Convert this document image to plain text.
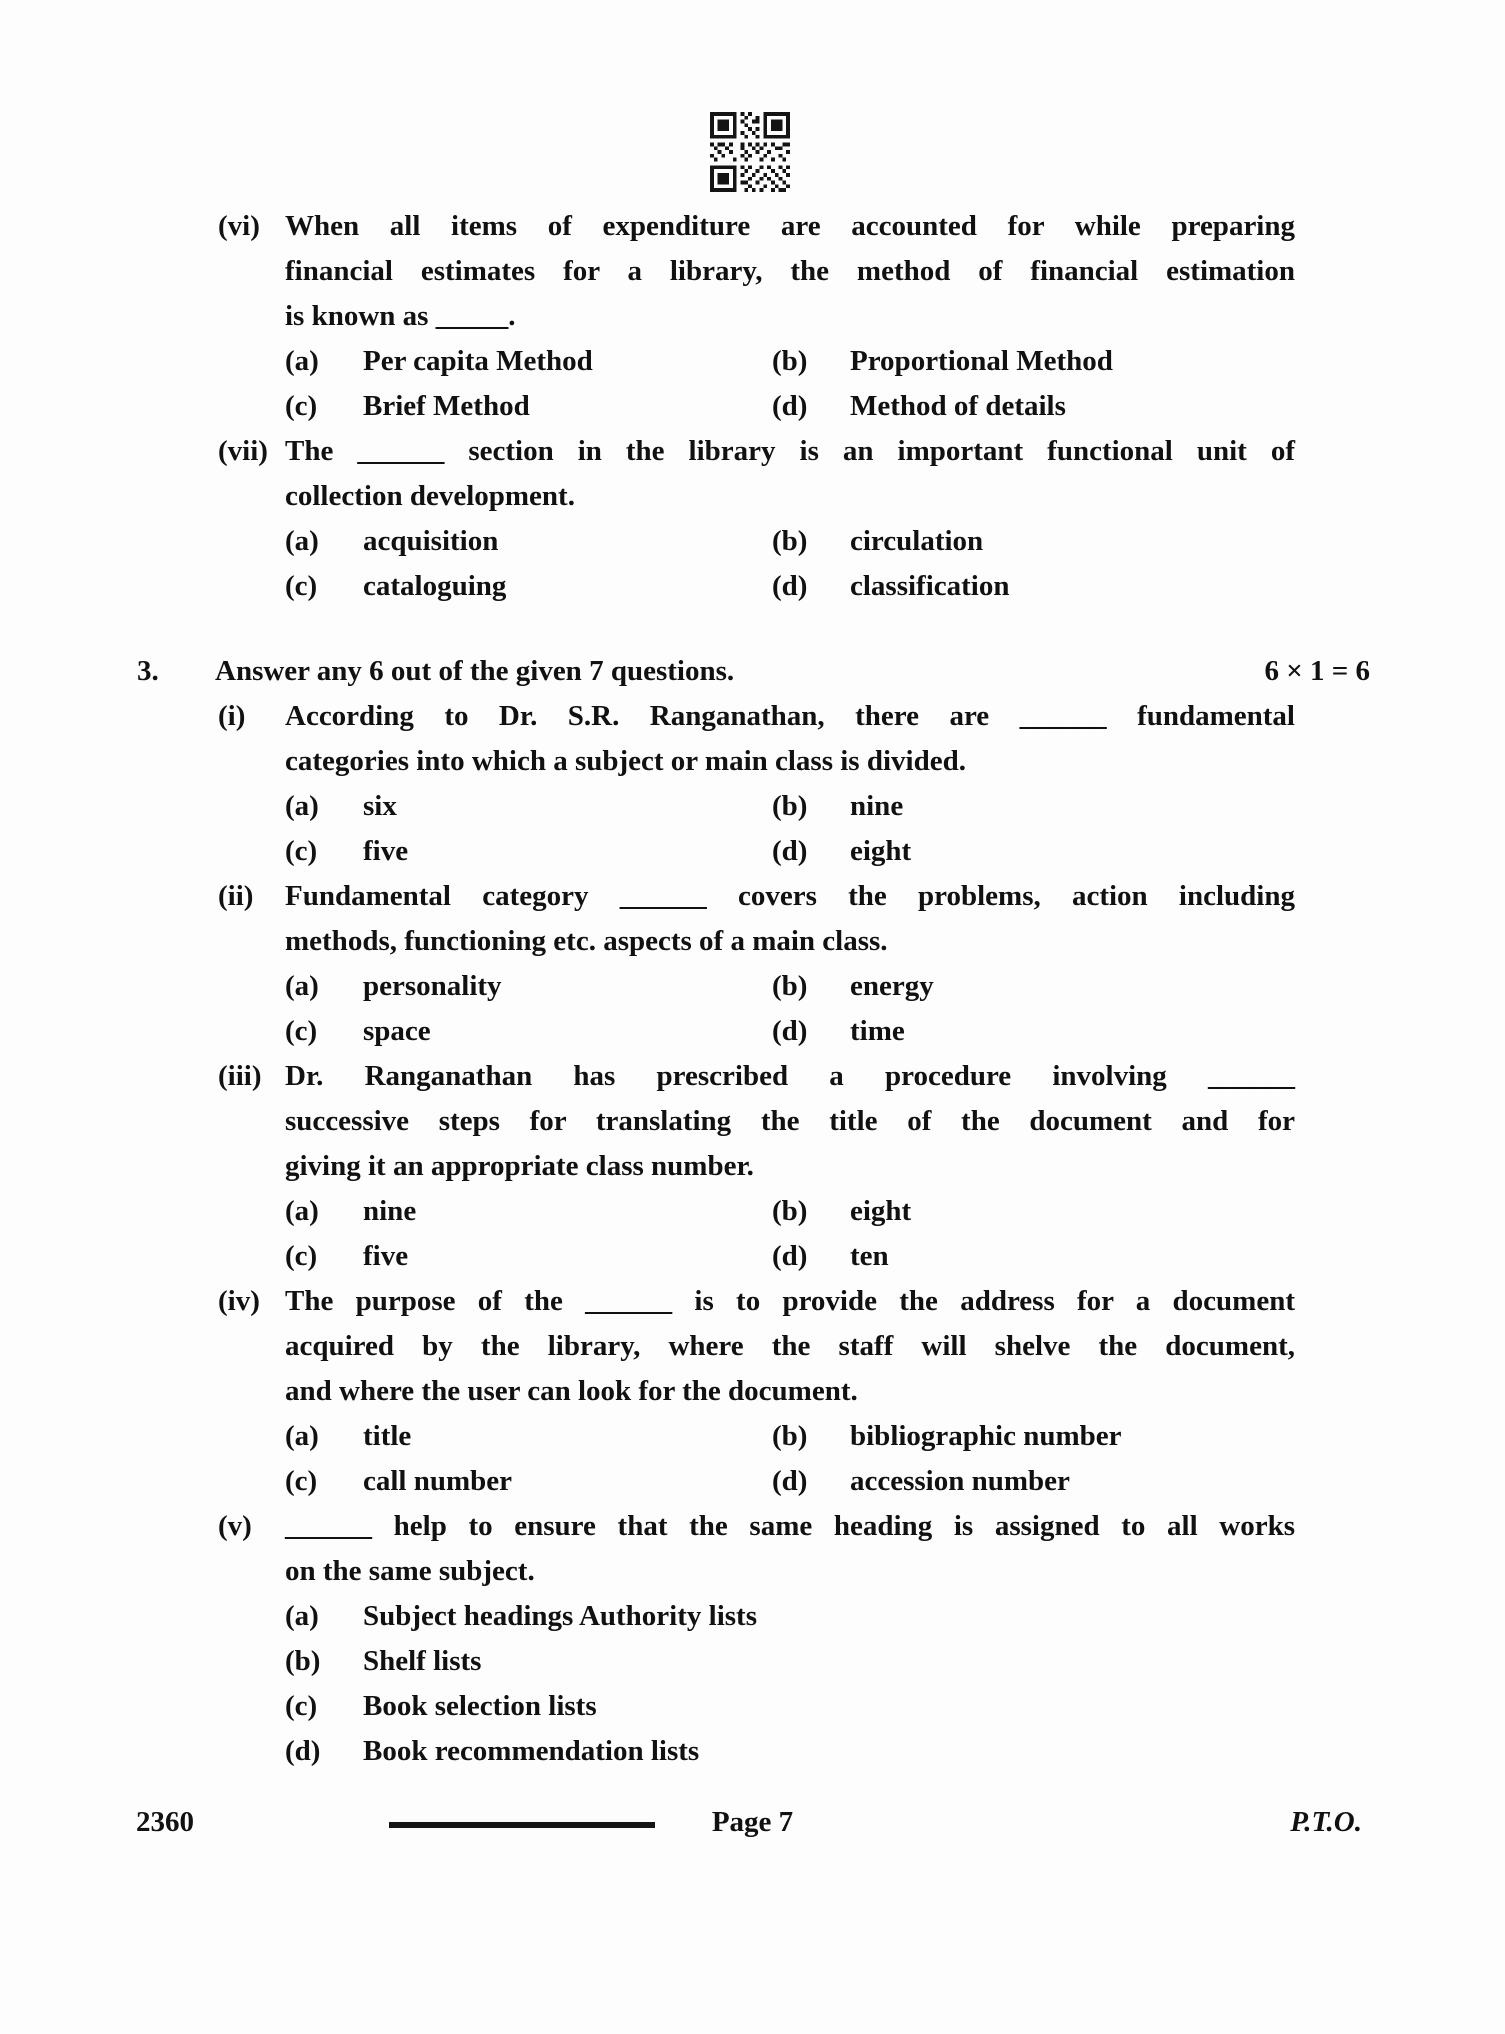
(vi) When all items of expenditure are accounted for while preparing
financial estimates for a library, the method of financial estimation
is known as _____.
(a)	Per capita Method	(b)	Proportional Method
(c)	Brief Method	(d)	Method of details
(vii) The ______ section in the library is an important functional unit of
collection development.
(a)	acquisition	(b)	circulation
(c)	cataloguing	(d)	classification
3.	Answer any 6 out of the given 7 questions.	6 × 1 = 6
(i)	According to Dr. S.R. Ranganathan, there are ______ fundamental
categories into which a subject or main class is divided.
(a)	six	(b)	nine
(c)	five	(d)	eight
(ii)	Fundamental category ______ covers the problems, action including
methods, functioning etc. aspects of a main class.
(a)	personality	(b)	energy
(c)	space	(d)	time
(iii) Dr. Ranganathan has prescribed a procedure involving ______
successive steps for translating the title of the document and for
giving it an appropriate class number.
(a)	nine	(b)	eight
(c)	five	(d)	ten
(iv) The purpose of the ______ is to provide the address for a document
acquired by the library, where the staff will shelve the document,
and where the user can look for the document.
(a)	title	(b)	bibliographic number
(c)	call number	(d)	accession number
(v)	______ help to ensure that the same heading is assigned to all works
on the same subject.
(a)	Subject headings Authority lists
(b)	Shelf lists
(c)	Book selection lists
(d)	Book recommendation lists
2360	Page 7	P.T.O.
